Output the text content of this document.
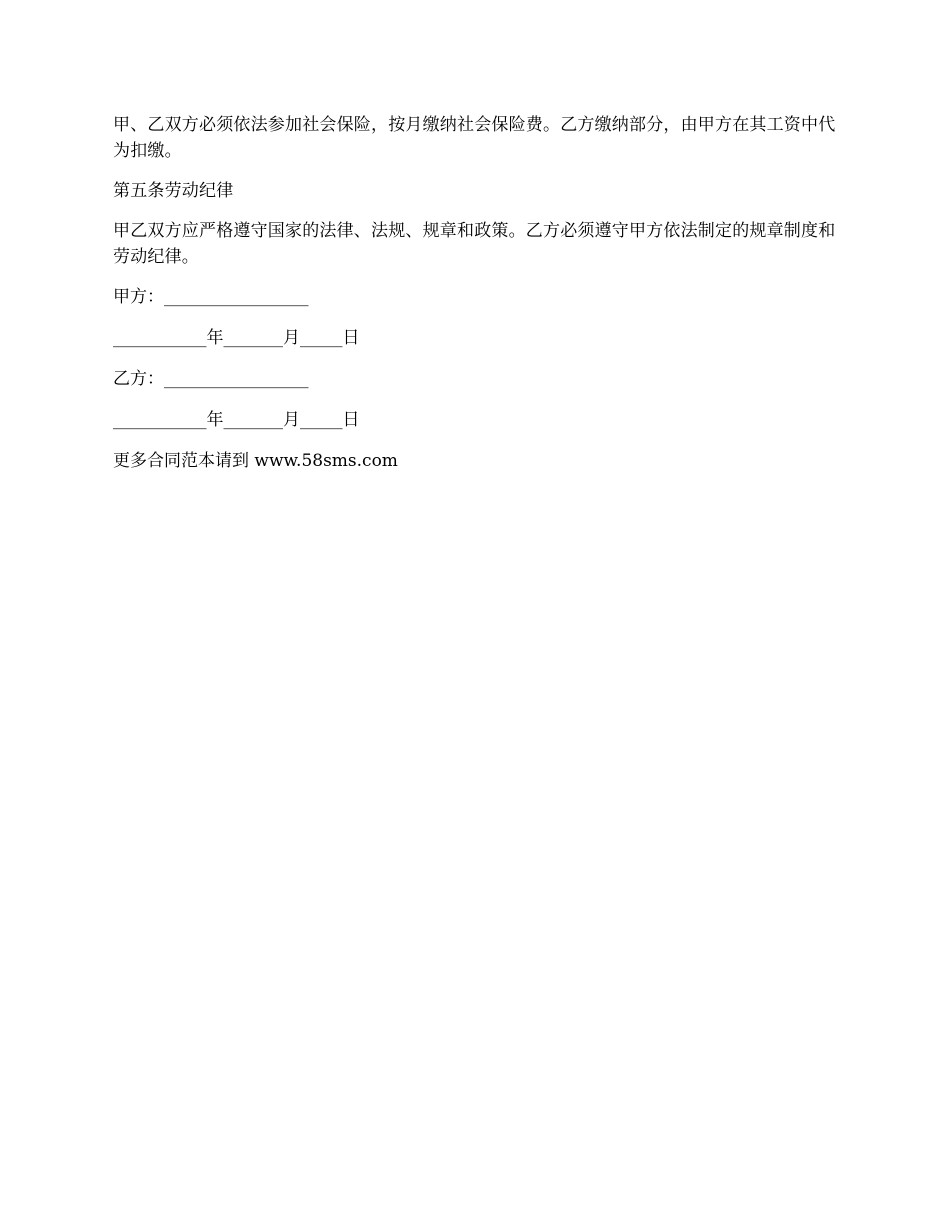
甲、乙双方必须依法参加社会保险，按月缴纳社会保险费。乙方缴纳部分，由甲方在其工资中代为扣缴。

第五条劳动纪律

甲乙双方应严格遵守国家的法律、法规、规章和政策。乙方必须遵守甲方依法制定的规章制度和劳动纪律。

甲方：_________________

___________年_______月_____日

乙方：_________________

___________年_______月_____日

更多合同范本请到 www.58sms.com
